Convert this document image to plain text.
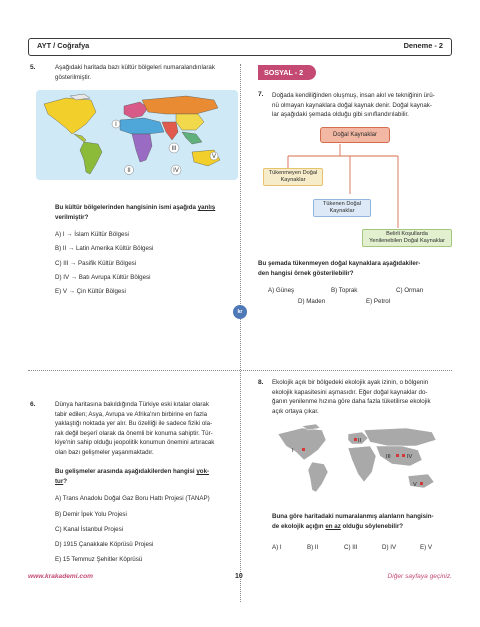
AYT / Coğrafya	Deneme - 2
5.	Aşağıdaki haritada bazı kültür bölgeleri numaralandırılarak
gösterilmiştir.
I
II
III
IV
V
Bu kültür bölgelerinden hangisinin ismi aşağıda yanlış
verilmiştir?
A) I → İslam Kültür Bölgesi
B) II → Latin Amerika Kültür Bölgesi
C) III → Pasifik Kültür Bölgesi
D) IV → Batı Avrupa Kültür Bölgesi
E) V → Çin Kültür Bölgesi
SOSYAL - 2
7. Doğada kendiliğinden oluşmuş, insan akıl ve tekniğinin ürü-
nü olmayan kaynaklara doğal kaynak denir. Doğal kaynak-
lar aşağıdaki şemada olduğu gibi sınıflandırılabilir.
Doğal Kaynaklar
Tükenmeyen Doğal
Kaynaklar
Tükenen Doğal
Kaynaklar
Belirli Koşullarda
Yenilenebilen Doğal Kaynaklar
Bu şemada tükenmeyen doğal kaynaklara aşağıdakiler-
den hangisi örnek gösterilebilir?
A) Güneş	B) Toprak	C) Orman
D) Maden	E) Petrol
kr
6.	Dünya haritasına bakıldığında Türkiye eski kıtalar olarak
tabir edilen; Asya, Avrupa ve Afrika'nın birbirine en fazla
yaklaştığı noktada yer alır. Bu özelliği ile sadece fiziki ola-
rak değil beşerî olarak da önemli bir konuma sahiptir. Tür-
kiye'nin sahip olduğu jeopolitik konumun önemini artıracak
olan bazı gelişmeler yaşanmaktadır.
Bu gelişmeler arasında aşağıdakilerden hangisi yok-
tur?
A) Trans Anadolu Doğal Gaz Boru Hattı Projesi (TANAP)
B) Demir İpek Yolu Projesi
C) Kanal İstanbul Projesi
D) 1915 Çanakkale Köprüsü Projesi
E) 15 Temmuz Şehitler Köprüsü
8. Ekolojik açık bir bölgedeki ekolojik ayak izinin, o bölgenin
ekolojik kapasitesini aşmasıdır. Eğer doğal kaynaklar do-
ğanın yenilenme hızına göre daha fazla tüketilirse ekolojik
açık ortaya çıkar.
I
II
III	IV
V
Buna göre haritadaki numaralanmış alanların hangisin-
de ekolojik açığın en az olduğu söylenebilir?
A) I	B) II	C) III	D) IV	E) V
www.krakademi.com	10	Diğer sayfaya geçiniz.
